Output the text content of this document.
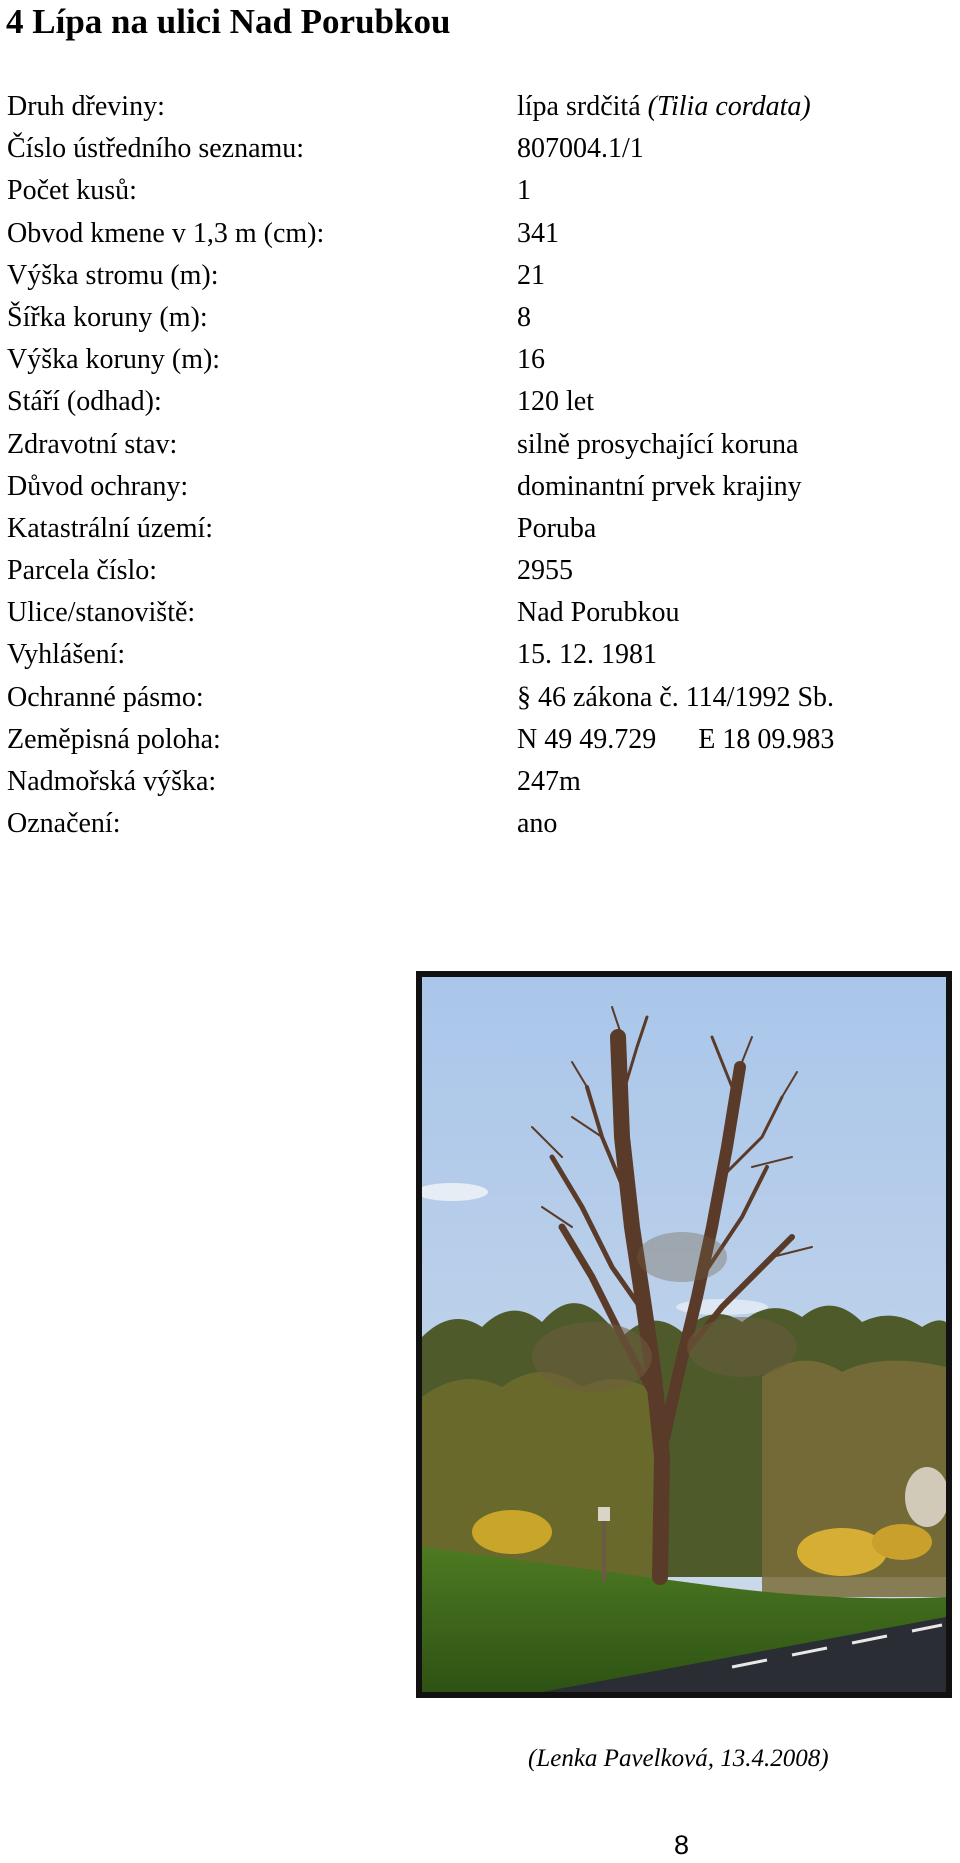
4 Lípa na ulici Nad Porubkou
Druh dřeviny:	lípa srdčitá (Tilia cordata)
Číslo ústředního seznamu:	807004.1/1
Počet kusů:	1
Obvod kmene v 1,3 m (cm):	341
Výška stromu (m):	21
Šířka koruny (m):	8
Výška koruny (m):	16
Stáří (odhad):	120 let
Zdravotní stav:	silně prosychající koruna
Důvod ochrany:	dominantní prvek krajiny
Katastrální území:	Poruba
Parcela číslo:	2955
Ulice/stanoviště:	Nad Porubkou
Vyhlášení:	15. 12. 1981
Ochranné pásmo:	§ 46 zákona č. 114/1992 Sb.
Zeměpisná poloha:	N 49 49.729 E 18 09.983
Nadmořská výška:	247m
Označení:	ano
(Lenka Pavelková, 13.4.2008)
8
